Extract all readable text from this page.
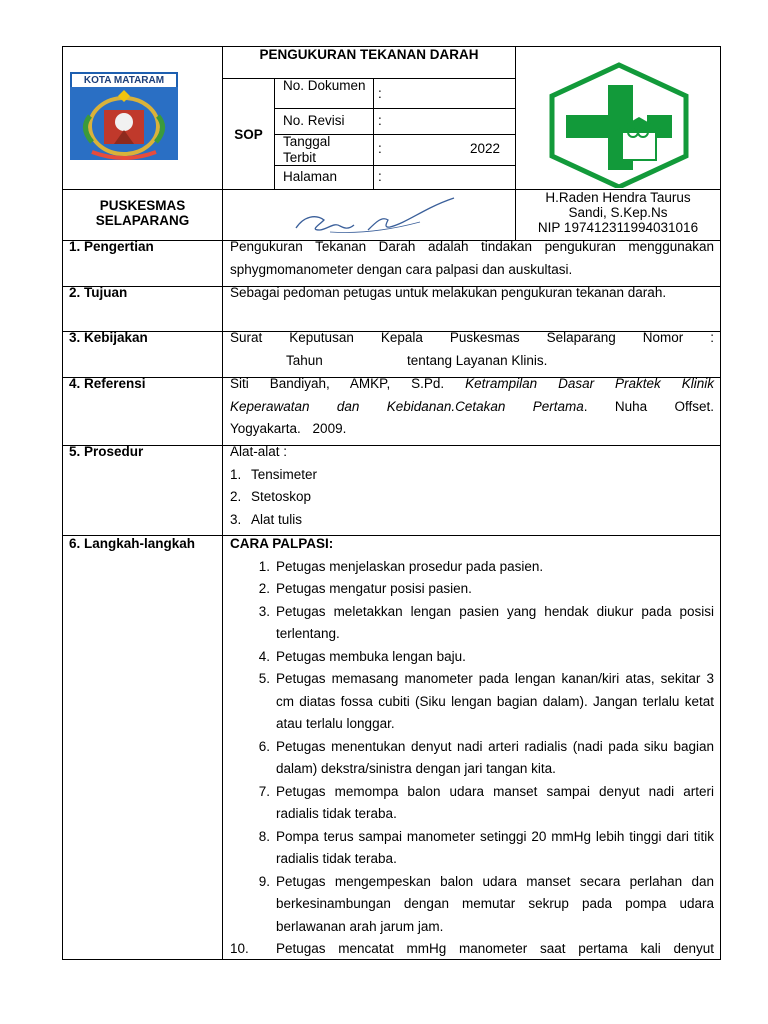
KOTA MATARAM
PENGUKURAN TEKANAN DARAH
SOP
No. Dokumen
:
No. Revisi :
Tanggal Terbit
:	2022
Halaman	:
PUSKESMAS
SELAPARANG
H.Raden Hendra Taurus
Sandi, S.Kep.Ns
NIP 197412311994031016
1. Pengertian	Pengukuran Tekanan Darah adalah tindakan pengukuran menggunakan sphygmomanometer dengan cara palpasi dan auskultasi.
2. Tujuan	Sebagai pedoman petugas untuk melakukan pengukuran tekanan darah.
3. Kebijakan	Surat Keputusan Kepala Puskesmas Selaparang Nomor :
Tahun	tentang Layanan Klinis.
4. Referensi	Siti Bandiyah, AMKP, S.Pd. Ketrampilan Dasar Praktek Klinik Keperawatan dan Kebidanan.Cetakan Pertama. Nuha Offset. Yogyakarta. 2009.
5. Prosedur	Alat-alat :
1. Tensimeter
2. Stetoskop
3. Alat tulis
6. Langkah-langkah	CARA PALPASI:
1. Petugas menjelaskan prosedur pada pasien.
2. Petugas mengatur posisi pasien.
3. Petugas meletakkan lengan pasien yang hendak diukur pada posisi terlentang.
4. Petugas membuka lengan baju.
5. Petugas memasang manometer pada lengan kanan/kiri atas, sekitar 3 cm diatas fossa cubiti (Siku lengan bagian dalam). Jangan terlalu ketat atau terlalu longgar.
6. Petugas menentukan denyut nadi arteri radialis (nadi pada siku bagian dalam) dekstra/sinistra dengan jari tangan kita.
7. Petugas memompa balon udara manset sampai denyut nadi arteri radialis tidak teraba.
8. Pompa terus sampai manometer setinggi 20 mmHg lebih tinggi dari titik radialis tidak teraba.
9. Petugas mengempeskan balon udara manset secara perlahan dan berkesinambungan dengan memutar sekrup pada pompa udara berlawanan arah jarum jam.
10.	Petugas mencatat mmHg manometer saat pertama kali denyut
